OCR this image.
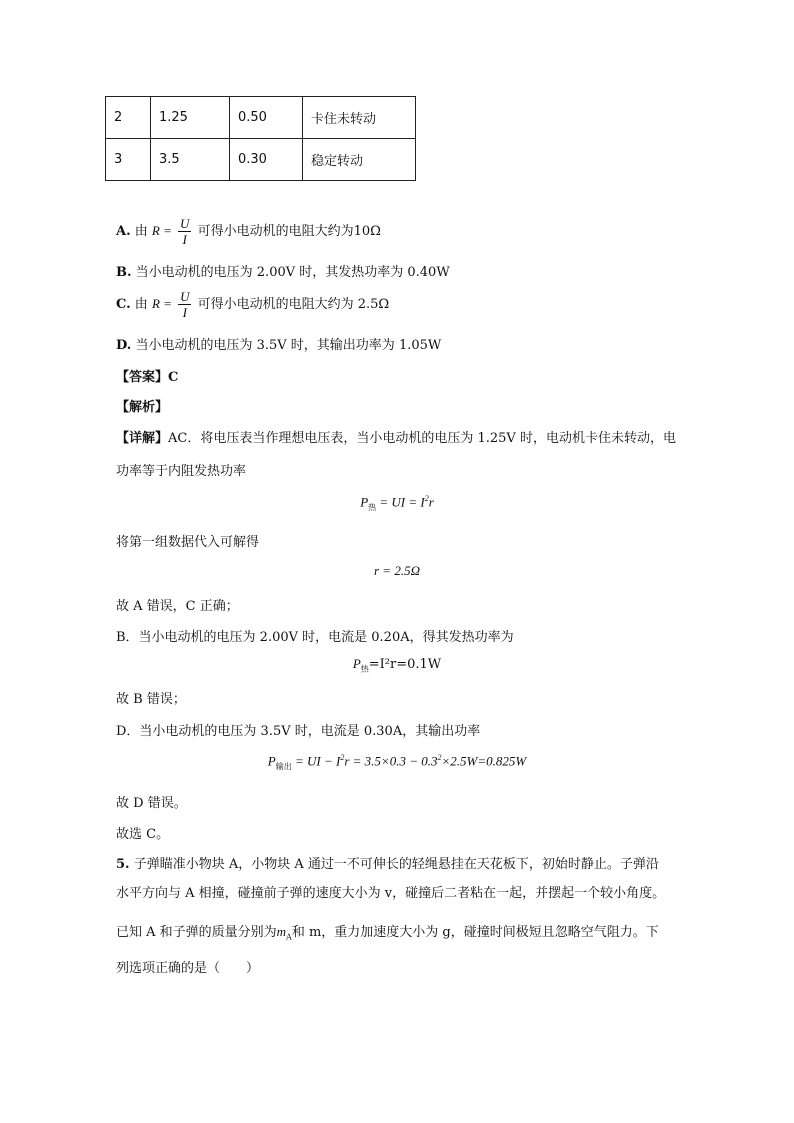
2	1.25	0.50	卡住未转动
3	3.5	0.30	稳定转动
A. 由 $R = \frac{U}{I}$ 可得小电动机的电阻大约为10Ω
B. 当小电动机的电压为 2.00V 时，其发热功率为 0.40W
C. 由 $R = \frac{U}{I}$ 可得小电动机的电阻大约为 2.5Ω
D. 当小电动机的电压为 3.5V 时，其输出功率为 1.05W
【答案】C
【解析】
【详解】AC．将电压表当作理想电压表，当小电动机的电压为 1.25V 时，电动机卡住未转动，电
功率等于内阻发热功率
$P_热$ = UI = $I^2r$
将第一组数据代入可解得
r = 2.5Ω
故 A 错误，C 正确；
B．当小电动机的电压为 2.00V 时，电流是 0.20A，得其发热功率为
$P_热=I^2r=0.1W$
故 B 错误；
D．当小电动机的电压为 3.5V 时，电流是 0.30A，其输出功率
$P_{输出}$ = UI − $I^2r = 3.5\times 0.3 - 0.3^2\times 2.5W=0.825W$
故 D 错误。
故选 C。
5. 子弹瞄准小物块 A，小物块 A 通过一不可伸长的轻绳悬挂在天花板下，初始时静止。子弹沿
水平方向与 A 相撞，碰撞前子弹的速度大小为 v，碰撞后二者粘在一起，并摆起一个较小角度。
已知 A 和子弹的质量分别为$m_A$和 m，重力加速度大小为 g，碰撞时间极短且忽略空气阻力。下
列选项正确的是（　　）
